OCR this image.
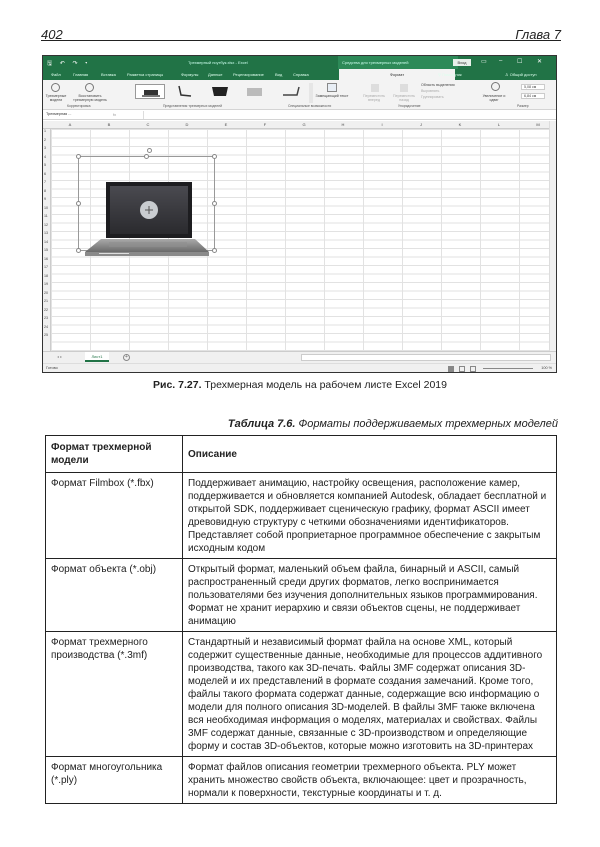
402	Глава 7
🖫 ↶ ↷ ▾	Трехмерный ноутбук.xlsx - Excel	Средства для трехмерных моделей	Вход	▭ – ☐ ✕
Файл	Главная	Вставка	Разметка страницы	Формулы Данные	Рецензирование	Вид	Справка	Формат	⚲ Помощник	♙ Общий доступ
Трехмерные модели
Восстановить трехмерную модель
Корректировка	Представления трехмерных моделей
Замещающий текст
Специальные возможности
Переместить вперед
Переместить назад
Область выделения
Выровнять
Группировать
Упорядочение
Увеличение и сдвиг
5,08 см
6,84 см
Размер
Трехмерная ...	fx
A	B	C	D	E	F	G	H	I	J	K	L	M
1
2
3
4
5
6
7
8
9
10
11
12
13
14
15
16
17
18
19
20
21
22
23
24
25
◂ ▸	Лист1	+
Готово	100 %
Рис. 7.27. Трехмерная модель на рабочем листе Excel 2019
Таблица 7.6. Форматы поддерживаемых трехмерных моделей
Формат трехмерной модели	Описание
Формат Filmbox (*.fbx)	Поддерживает анимацию, настройку освещения, расположение камер, поддерживается и обновляется компанией Autodesk, обладает бесплатной и открытой SDK, поддерживает сценическую графику, формат ASCII имеет древовидную структуру с четкими обозначениями идентификаторов. Представляет собой проприетарное программное обеспечение с закрытым исходным кодом
Формат объекта (*.obj)	Открытый формат, маленький объем файла, бинарный и ASCII, самый распространенный среди других форматов, легко воспринимается пользователями без изучения дополнительных языков программирования. Формат не хранит иерархию и связи объектов сцены, не поддерживает анимацию
Формат трехмерного производства (*.3mf)	Стандартный и независимый формат файла на основе XML, который содержит существенные данные, необходимые для процессов аддитивного производства, такого как 3D-печать. Файлы 3MF содержат описания 3D-моделей и их представлений в формате создания замечаний. Кроме того, файлы такого формата содержат данные, содержащие всю информацию о модели для полного описания 3D-моделей. В файлы 3MF также включена вся необходимая информация о моделях, материалах и свойствах. Файлы 3MF содержат данные, связанные с 3D-производством и определяющие форму и состав 3D-объектов, которые можно изготовить на 3D-принтерах
Формат многоугольника (*.ply)	Формат файлов описания геометрии трехмерного объекта. PLY может хранить множество свойств объекта, включающее: цвет и прозрачность, нормали к поверхности, текстурные координаты и т. д.
